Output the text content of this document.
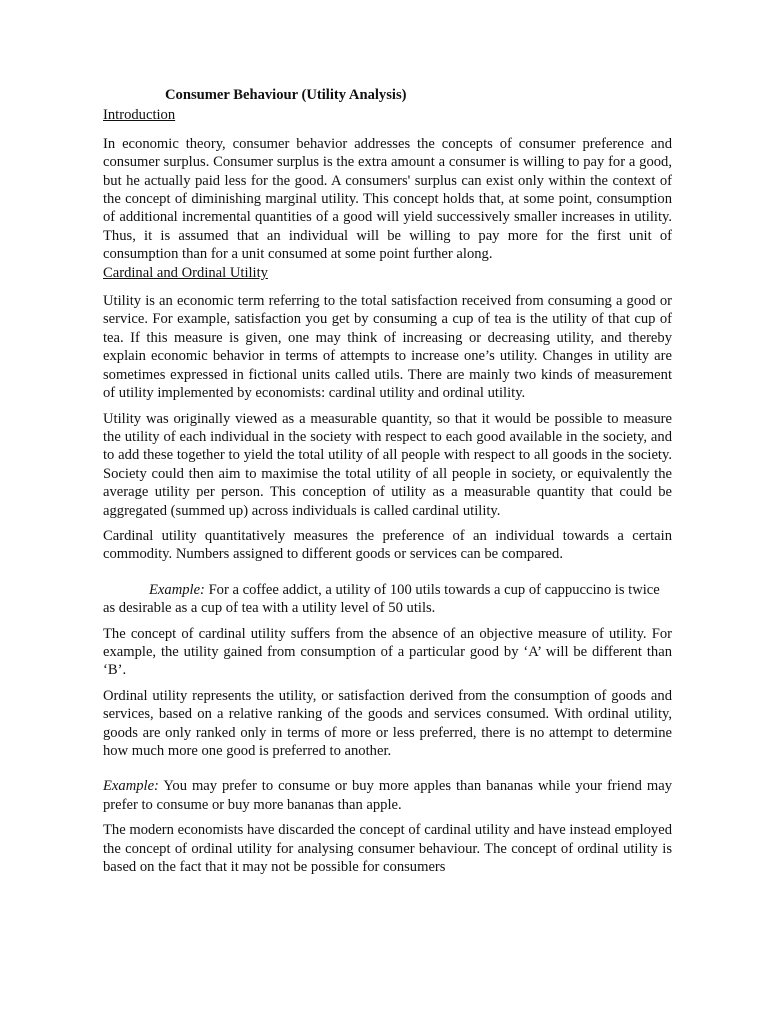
Consumer Behaviour (Utility Analysis)
Introduction

In economic theory, consumer behavior addresses the concepts of consumer preference and consumer surplus. Consumer surplus is the extra amount a consumer is willing to pay for a good, but he actually paid less for the good. A consumers' surplus can exist only within the context of the concept of diminishing marginal utility. This concept holds that, at some point, consumption of additional incremental quantities of a good will yield successively smaller increases in utility. Thus, it is assumed that an individual will be willing to pay more for the first unit of consumption than for a unit consumed at some point further along.

Cardinal and Ordinal Utility

Utility is an economic term referring to the total satisfaction received from consuming a good or service. For example, satisfaction you get by consuming a cup of tea is the utility of that cup of tea. If this measure is given, one may think of increasing or decreasing utility, and thereby explain economic behavior in terms of attempts to increase one’s utility. Changes in utility are sometimes expressed in fictional units called utils. There are mainly two kinds of measurement of utility implemented by economists: cardinal utility and ordinal utility.

Utility was originally viewed as a measurable quantity, so that it would be possible to measure the utility of each individual in the society with respect to each good available in the society, and to add these together to yield the total utility of all people with respect to all goods in the society. Society could then aim to maximise the total utility of all people in society, or equivalently the average utility per person. This conception of utility as a measurable quantity that could be aggregated (summed up) across individuals is called cardinal utility.

Cardinal utility quantitatively measures the preference of an individual towards a certain commodity. Numbers assigned to different goods or services can be compared.

Example: For a coffee addict, a utility of 100 utils towards a cup of cappuccino is twice as desirable as a cup of tea with a utility level of 50 utils.

The concept of cardinal utility suffers from the absence of an objective measure of utility. For example, the utility gained from consumption of a particular good by ‘A’ will be different than ‘B’.

Ordinal utility represents the utility, or satisfaction derived from the consumption of goods and services, based on a relative ranking of the goods and services consumed. With ordinal utility, goods are only ranked only in terms of more or less preferred, there is no attempt to determine how much more one good is preferred to another.

Example: You may prefer to consume or buy more apples than bananas while your friend may prefer to consume or buy more bananas than apple.

The modern economists have discarded the concept of cardinal utility and have instead employed the concept of ordinal utility for analysing consumer behaviour. The concept of ordinal utility is based on the fact that it may not be possible for consumers
